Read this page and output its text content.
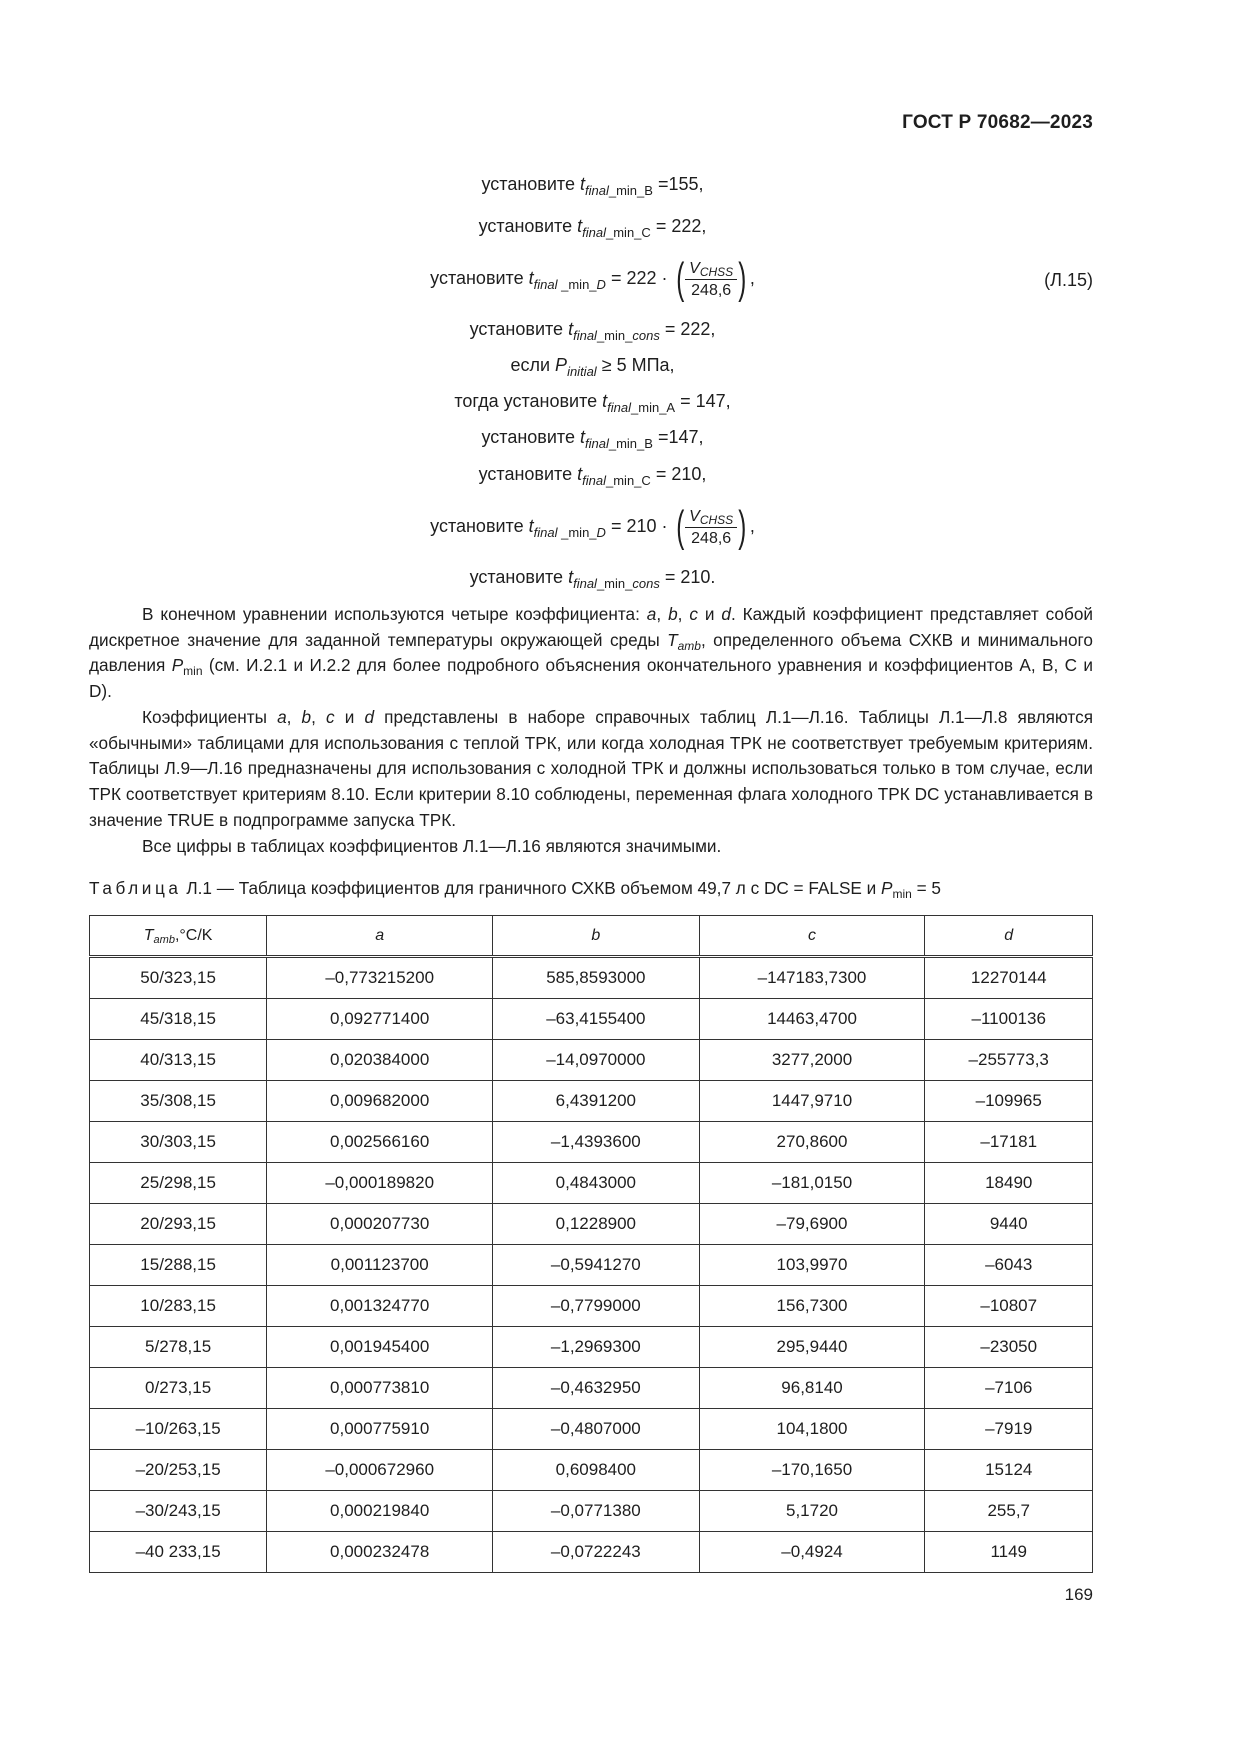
ГОСТ Р 70682—2023
установите $t_{final\_min\_B} =155$,
установите $t_{final\_min\_C} = 222$,
установите $t_{final \_min\_D} = 222$ · ( $\frac{V_{CHSS}}{248,6}$ ) ,	(Л.15)
установите $t_{final\_min\_cons} = 222$,
если $P_{initial} \ge 5$ МПа,
тогда установите $t_{final\_min\_A} = 147$,
установите $t_{final\_min\_B} =147$,
установите $t_{final\_min\_C} = 210$,
установите $t_{final \_min\_D} = 210$ · ( $\frac{V_{CHSS}}{248,6}$ ) ,
установите $t_{final\_min\_cons} = 210$.
В конечном уравнении используются четыре коэффициента: a, b, c и d. Каждый коэффициент представляет собой дискретное значение для заданной температуры окружающей среды $T_{amb}$, определенного объема СХКВ и минимального давления $P_{min}$ (см. И.2.1 и И.2.2 для более подробного объяснения окончательного уравнения и коэффициентов А, B, C и D).
Коэффициенты a, b, c и d представлены в наборе справочных таблиц Л.1—Л.16. Таблицы Л.1—Л.8 являются «обычными» таблицами для использования с теплой ТРК, или когда холодная ТРК не соответствует требуемым критериям. Таблицы Л.9—Л.16 предназначены для использования с холодной ТРК и должны использоваться только в том случае, если ТРК соответствует критериям 8.10. Если критерии 8.10 соблюдены, переменная флага холодного ТРК DC устанавливается в значение TRUE в подпрограмме запуска ТРК.
Все цифры в таблицах коэффициентов Л.1—Л.16 являются значимыми.
Таблица Л.1 — Таблица коэффициентов для граничного СХКВ объемом 49,7 л с DC = FALSE и $P_{min} = 5$
$T_{amb},^\circ C/K$	a	b	c	d
50/323,15	–0,773215200	585,8593000	–147183,7300	12270144
45/318,15	0,092771400	–63,4155400	14463,4700	–1100136
40/313,15	0,020384000	–14,0970000	3277,2000	–255773,3
35/308,15	0,009682000	6,4391200	1447,9710	–109965
30/303,15	0,002566160	–1,4393600	270,8600	–17181
25/298,15	–0,000189820	0,4843000	–181,0150	18490
20/293,15	0,000207730	0,1228900	–79,6900	9440
15/288,15	0,001123700	–0,5941270	103,9970	–6043
10/283,15	0,001324770	–0,7799000	156,7300	–10807
5/278,15	0,001945400	–1,2969300	295,9440	–23050
0/273,15	0,000773810	–0,4632950	96,8140	–7106
–10/263,15	0,000775910	–0,4807000	104,1800	–7919
–20/253,15	–0,000672960	0,6098400	–170,1650	15124
–30/243,15	0,000219840	–0,0771380	5,1720	255,7
–40 233,15	0,000232478	–0,0722243	–0,4924	1149
169
